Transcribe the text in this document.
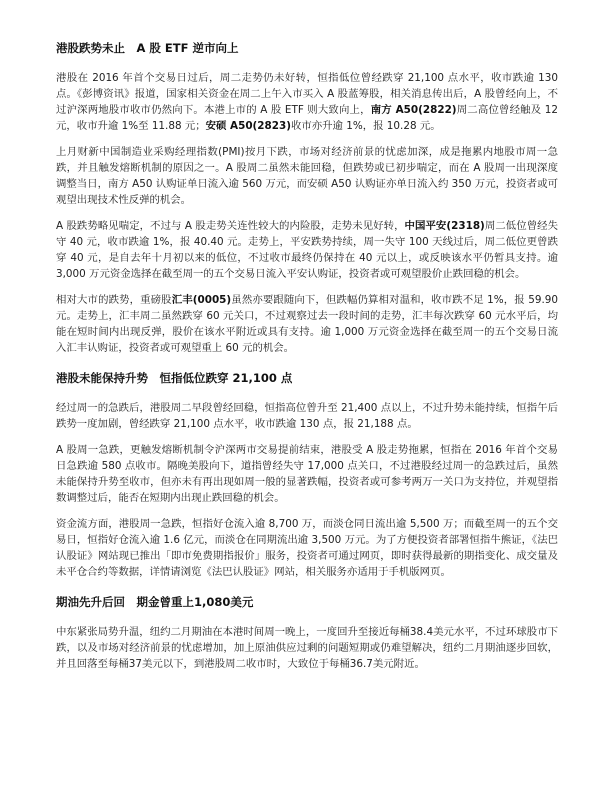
港股跌势未止　A 股 ETF 逆市向上

港股在 2016 年首个交易日过后，周二走势仍未好转，恒指低位曾经跌穿 21,100 点水平，收市跌逾 130 点。《彭博资讯》报道，国家相关资金在周二上午入市买入 A 股蓝筹股，相关消息传出后，A 股曾经向上，不过沪深两地股市收市仍然向下。本港上市的 A 股 ETF 则大致向上，南方 A50(2822)周二高位曾经触及 12 元，收市升逾 1%至 11.88 元；安硕 A50(2823)收市亦升逾 1%，报 10.28 元。

上月财新中国制造业采购经理指数(PMI)按月下跌，市场对经济前景的忧虑加深，成是拖累内地股市周一急跌，并且触发熔断机制的原因之一。A 股周二虽然未能回稳，但跌势或已初步喘定，而在 A 股周一出现深度调整当日，南方 A50 认购证单日流入逾 560 万元，而安硕 A50 认购证亦单日流入约 350 万元，投资者或可观望出现技术性反弹的机会。

A 股跌势略见喘定，不过与 A 股走势关连性较大的内险股，走势未见好转，中国平安(2318)周二低位曾经失守 40 元，收市跌逾 1%，报 40.40 元。走势上，平安跌势持续，周一失守 100 天线过后，周二低位更曾跌穿 40 元，是自去年十月初以来的低位，不过收市最终仍保持在 40 元以上，或反映该水平仍暂具支持。逾 3,000 万元资金选择在截至周一的五个交易日流入平安认购证，投资者或可观望股价止跌回稳的机会。

相对大市的跌势，重磅股汇丰(0005)虽然亦要跟随向下，但跌幅仍算相对温和，收市跌不足 1%，报 59.90 元。走势上，汇丰周二虽然跌穿 60 元关口，不过观察过去一段时间的走势，汇丰每次跌穿 60 元水平后，均能在短时间内出现反弹，股价在该水平附近或具有支持。逾 1,000 万元资金选择在截至周一的五个交易日流入汇丰认购证，投资者或可观望重上 60 元的机会。

港股未能保持升势　恒指低位跌穿 21,100 点

经过周一的急跌后，港股周二早段曾经回稳，恒指高位曾升至 21,400 点以上，不过升势未能持续，恒指午后跌势一度加剧，曾经跌穿 21,100 点水平，收市跌逾 130 点，报 21,188 点。

A 股周一急跌，更触发熔断机制令沪深两市交易提前结束，港股受 A 股走势拖累，恒指在 2016 年首个交易日急跌逾 580 点收市。隔晚美股向下，道指曾经失守 17,000 点关口，不过港股经过周一的急跌过后，虽然未能保持升势至收市，但亦未有再出现如周一般的显著跌幅，投资者或可参考两万一关口为支持位，并观望指数调整过后，能否在短期内出现止跌回稳的机会。

资金流方面，港股周一急跌，恒指好仓流入逾 8,700 万，而淡仓同日流出逾 5,500 万；而截至周一的五个交易日，恒指好仓流入逾 1.6 亿元，而淡仓在同期流出逾 3,500 万元。为了方便投资者部署恒指牛熊证，《法巴认股证》网站现已推出「即市免费期指报价」服务，投资者可通过网页，即时获得最新的期指变化、成交量及未平仓合约等数据，详情请浏览《法巴认股证》网站，相关服务亦适用于手机版网页。

期油先升后回　期金曾重上1,080美元

中东紧张局势升温，纽约二月期油在本港时间周一晚上，一度回升至接近每桶38.4美元水平，不过环球股市下跌，以及市场对经济前景的忧虑增加，加上原油供应过剩的问题短期或仍难望解决，纽约二月期油逐步回软，并且回落至每桶37美元以下，到港股周二收市时，大致位于每桶36.7美元附近。
